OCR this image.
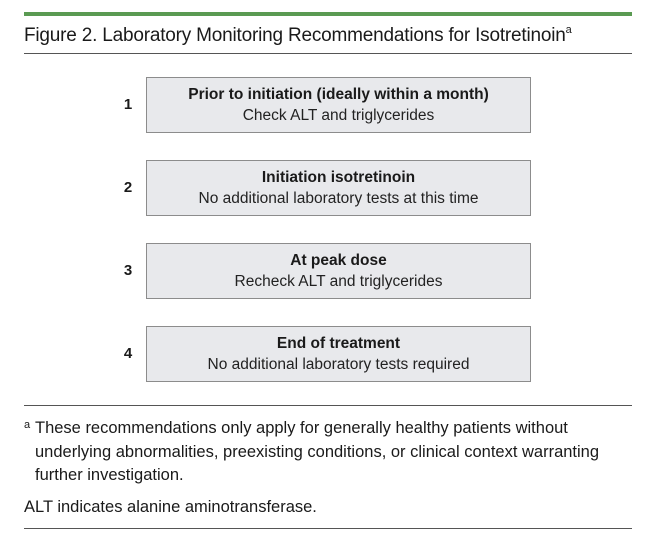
Figure 2. Laboratory Monitoring Recommendations for Isotretinoin$^a$
1
Prior to initiation (ideally within a month)
Check ALT and triglycerides
2
Initiation isotretinoin
No additional laboratory tests at this time
3
At peak dose
Recheck ALT and triglycerides
4
End of treatment
No additional laboratory tests required
a These recommendations only apply for generally healthy patients without underlying abnormalities, preexisting conditions, or clinical context warranting further investigation.
ALT indicates alanine aminotransferase.
